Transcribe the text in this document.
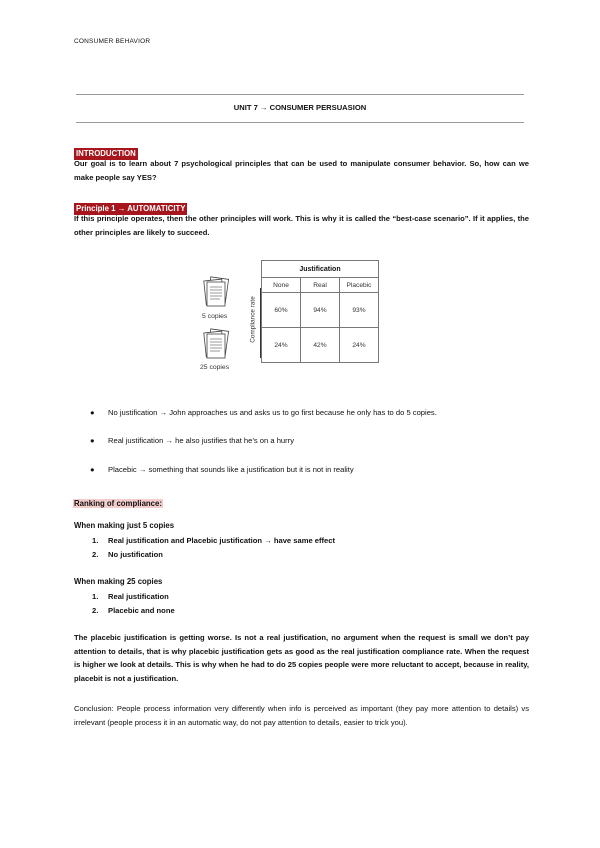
CONSUMER BEHAVIOR
UNIT 7 → CONSUMER PERSUASION
INTRODUCTION

Our goal is to learn about 7 psychological principles that can be used to manipulate consumer behavior. So, how can we make people say YES?

Principle 1 → AUTOMATICITY

If this principle operates, then the other principles will work. This is why it is called the “best-case scenario”. If it applies, the other principles are likely to succeed.

5 copies
25 copies
Compliance rate
Justification		
None	Real	Placebic
60%	94%	93%
24%	42%	24%
● No justification → John approaches us and asks us to go first because he only has to do 5 copies.
● Real justification → he also justifies that he’s on a hurry
● Placebic → something that sounds like a justification but it is not in reality
Ranking of compliance:
When making just 5 copies
1. Real justification and Placebic justification → have same effect
2. No justification
When making 25 copies
1. Real justification
2. Placebic and none

The placebic justification is getting worse. Is not a real justification, no argument when the request is small we don’t pay attention to details, that is why placebic justification gets as good as the real justification compliance rate. When the request is higher we look at details. This is why when he had to do 25 copies people were more reluctant to accept, because in reality, placebit is not a justification.

Conclusion: People process information very differently when info is perceived as important (they pay more attention to details) vs irrelevant (people process it in an automatic way, do not pay attention to details, easier to trick you).
